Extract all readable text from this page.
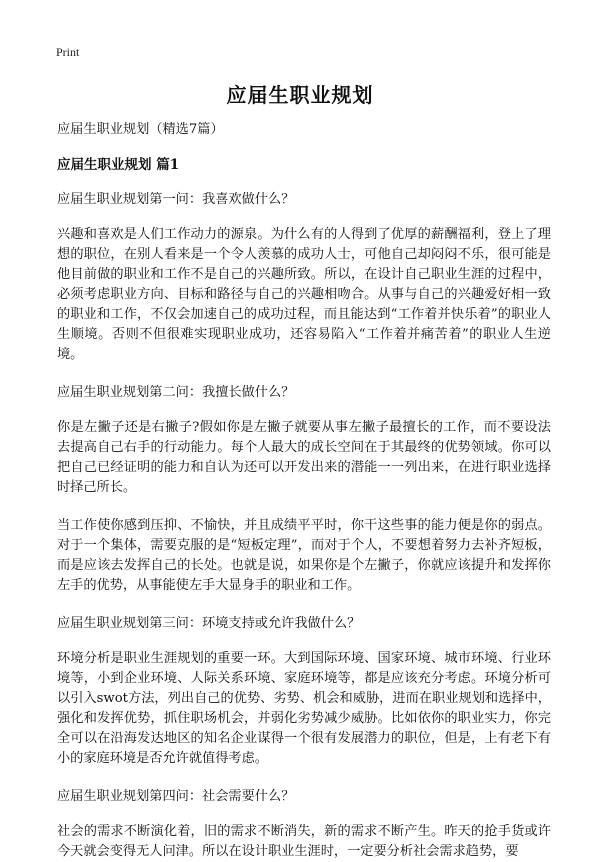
Print
应届生职业规划

应届生职业规划（精选7篇）

应届生职业规划 篇1

应届生职业规划第一问：我喜欢做什么？

兴趣和喜欢是人们工作动力的源泉。为什么有的人得到了优厚的薪酬福利，登上了理想的职位，在别人看来是一个令人羡慕的成功人士，可他自己却闷闷不乐，很可能是他目前做的职业和工作不是自己的兴趣所致。所以，在设计自己职业生涯的过程中，必须考虑职业方向、目标和路径与自己的兴趣相吻合。从事与自己的兴趣爱好相一致的职业和工作，不仅会加速自己的成功过程，而且能达到“工作着并快乐着”的职业人生顺境。否则不但很难实现职业成功，还容易陷入“工作着并痛苦着”的职业人生逆境。

应届生职业规划第二问：我擅长做什么？

你是左撇子还是右撇子?假如你是左撇子就要从事左撇子最擅长的工作，而不要设法去提高自己右手的行动能力。每个人最大的成长空间在于其最终的优势领域。你可以把自己已经证明的能力和自认为还可以开发出来的潜能一一列出来，在进行职业选择时择己所长。

当工作使你感到压抑、不愉快，并且成绩平平时，你干这些事的能力便是你的弱点。对于一个集体，需要克服的是“短板定理”，而对于个人，不要想着努力去补齐短板，而是应该去发挥自己的长处。也就是说，如果你是个左撇子，你就应该提升和发挥你左手的优势，从事能使左手大显身手的职业和工作。

应届生职业规划第三问：环境支持或允许我做什么？

环境分析是职业生涯规划的重要一环。大到国际环境、国家环境、城市环境、行业环境等，小到企业环境、人际关系环境、家庭环境等，都是应该充分考虑。环境分析可以引入swot方法，列出自己的优势、劣势、机会和威胁，进而在职业规划和选择中，强化和发挥优势，抓住职场机会，并弱化劣势减少威胁。比如依你的职业实力，你完全可以在沿海发达地区的知名企业谋得一个很有发展潜力的职位，但是，上有老下有小的家庭环境是否允许就值得考虑。

应届生职业规划第四问：社会需要什么？

社会的需求不断演化着，旧的需求不断消失，新的需求不断产生。昨天的抢手货或许今天就会变得无人问津。所以在设计职业生涯时，一定要分析社会需求趋势，要
